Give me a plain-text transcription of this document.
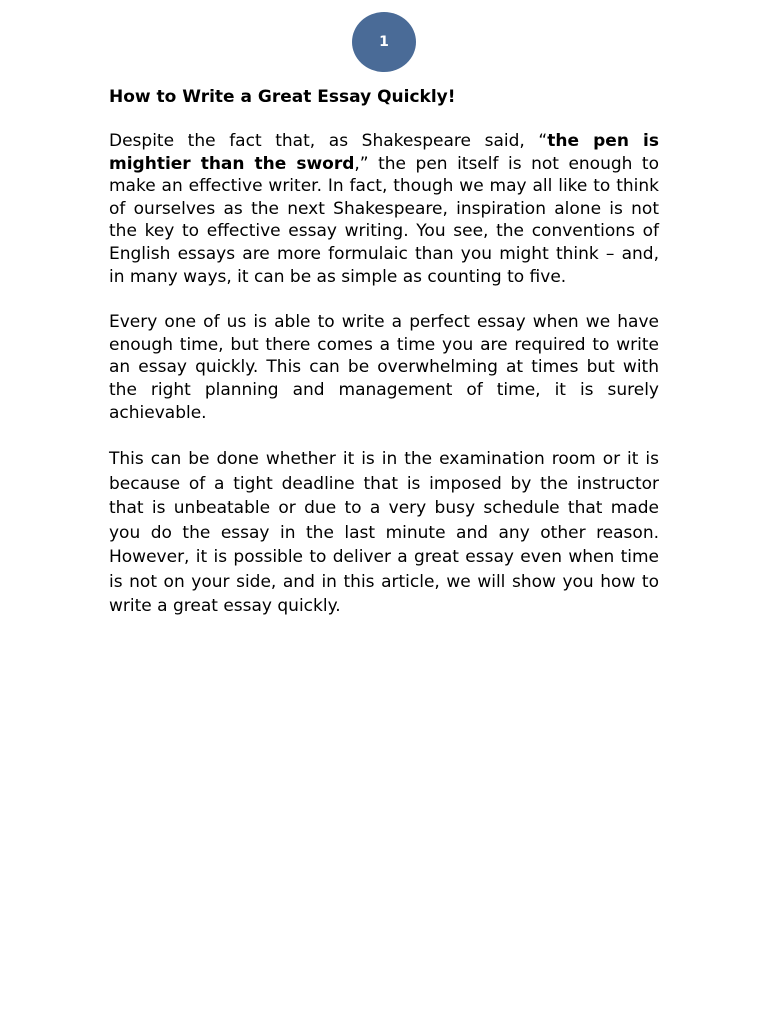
1
How to Write a Great Essay Quickly!

Despite the fact that, as Shakespeare said, “the pen is mightier than the sword,” the pen itself is not enough to make an effective writer. In fact, though we may all like to think of ourselves as the next Shakespeare, inspiration alone is not the key to effective essay writing. You see, the conventions of English essays are more formulaic than you might think – and, in many ways, it can be as simple as counting to five.

Every one of us is able to write a perfect essay when we have enough time, but there comes a time you are required to write an essay quickly. This can be overwhelming at times but with the right planning and management of time, it is surely achievable.

This can be done whether it is in the examination room or it is because of a tight deadline that is imposed by the instructor that is unbeatable or due to a very busy schedule that made you do the essay in the last minute and any other reason. However, it is possible to deliver a great essay even when time is not on your side, and in this article, we will show you how to write a great essay quickly.
